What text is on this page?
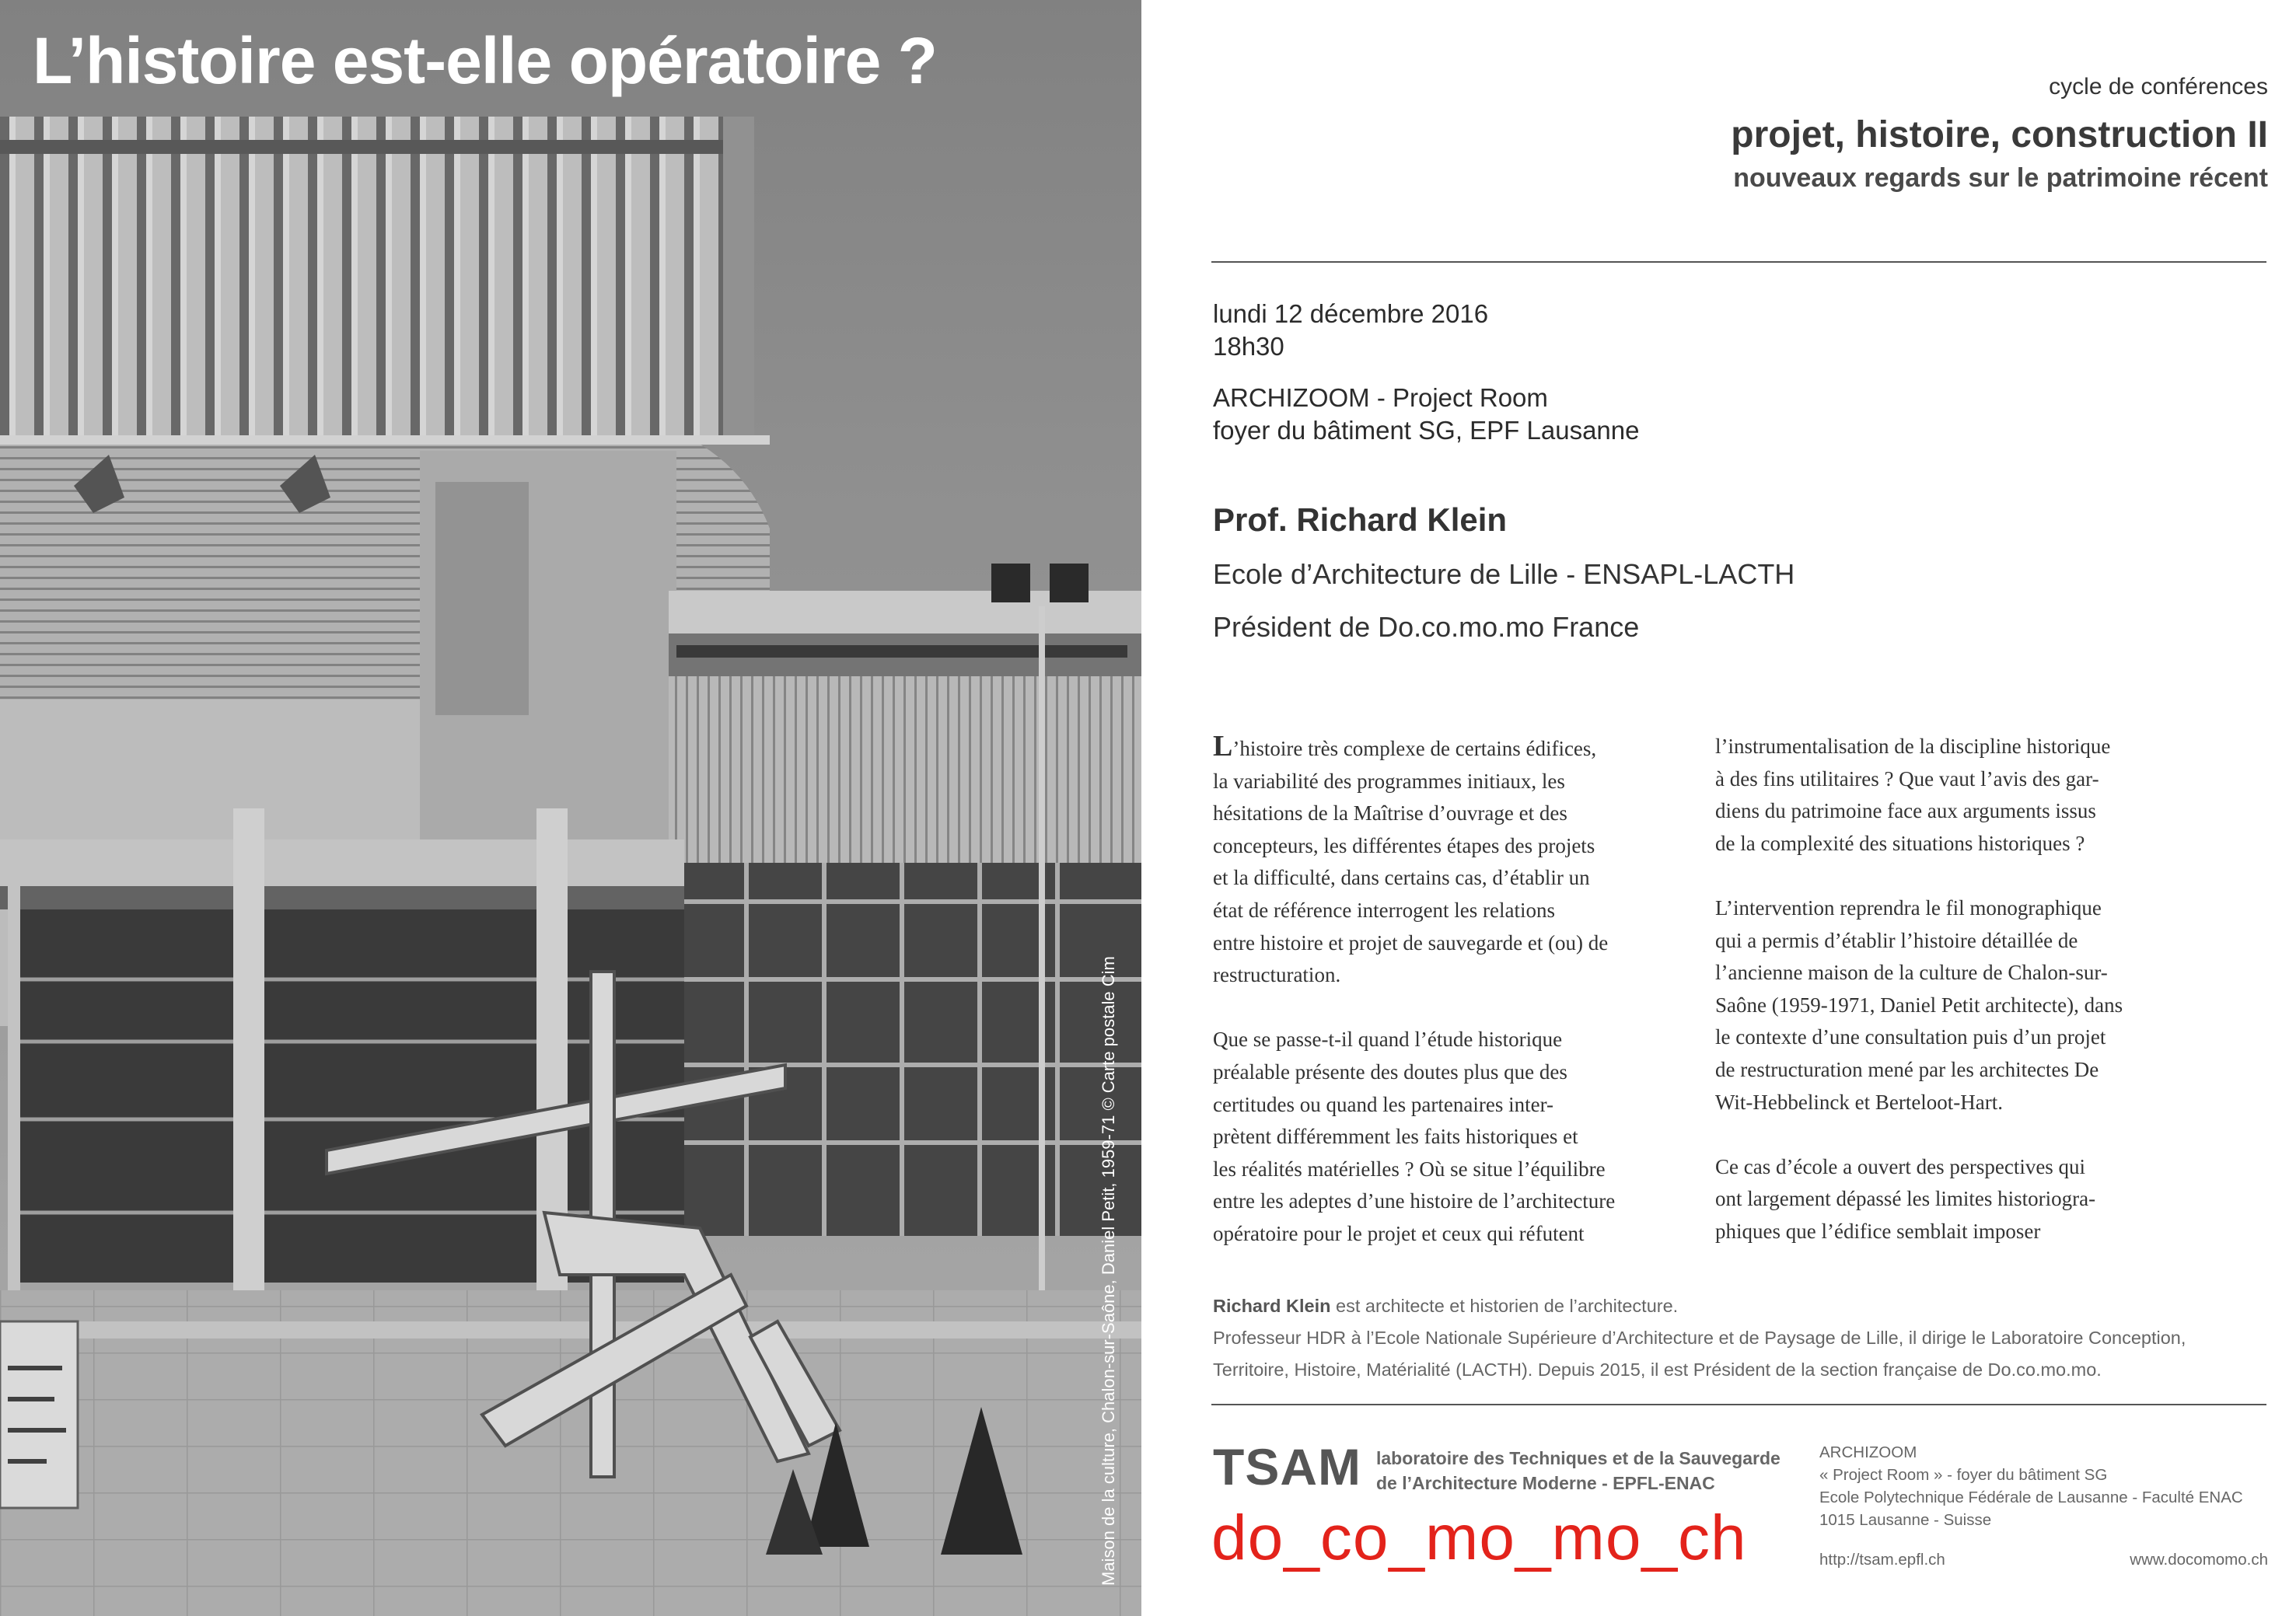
L’histoire est-elle opératoire ?
Maison de la culture, Chalon-sur-Saône, Daniel Petit, 1959-71 © Carte postale Cim
cycle de conférences
projet, histoire, construction II
nouveaux regards sur le patrimoine récent
lundi 12 décembre 2016
18h30
ARCHIZOOM - Project Room
foyer du bâtiment SG, EPF Lausanne
Prof. Richard Klein
Ecole d’Architecture de Lille - ENSAPL-LACTH
Président de Do.co.mo.mo France

L’histoire très complexe de certains édifices,
la variabilité des programmes initiaux, les
hésitations de la Maîtrise d’ouvrage et des
concepteurs, les différentes étapes des projets
et la difficulté, dans certains cas, d’établir un
état de référence interrogent les relations
entre histoire et projet de sauvegarde et (ou) de
restructuration.

Que se passe-t-il quand l’étude historique
préalable présente des doutes plus que des
certitudes ou quand les partenaires inter-
prètent différemment les faits historiques et
les réalités matérielles ? Où se situe l’équilibre
entre les adeptes d’une histoire de l’architecture
opératoire pour le projet et ceux qui réfutent

l’instrumentalisation de la discipline historique
à des fins utilitaires ? Que vaut l’avis des gar-
diens du patrimoine face aux arguments issus
de la complexité des situations historiques ?

L’intervention reprendra le fil monographique
qui a permis d’établir l’histoire détaillée de
l’ancienne maison de la culture de Chalon-sur-
Saône (1959-1971, Daniel Petit architecte), dans
le contexte d’une consultation puis d’un projet
de restructuration mené par les architectes De
Wit-Hebbelinck et Berteloot-Hart.

Ce cas d’école a ouvert des perspectives qui
ont largement dépassé les limites historiogra-
phiques que l’édifice semblait imposer

Richard Klein est architecte et historien de l’architecture.
Professeur HDR à l’Ecole Nationale Supérieure d’Architecture et de Paysage de Lille, il dirige le Laboratoire Conception,
Territoire, Histoire, Matérialité (LACTH). Depuis 2015, il est Président de la section française de Do.co.mo.mo.
TSAM laboratoire des Techniques et de la Sauvegarde
de l’Architecture Moderne - EPFL-ENAC
do_co_mo_mo_ch
ARCHIZOOM
« Project Room » - foyer du bâtiment SG
Ecole Polytechnique Fédérale de Lausanne - Faculté ENAC
1015 Lausanne - Suisse
http://tsam.epfl.ch	www.docomomo.ch
